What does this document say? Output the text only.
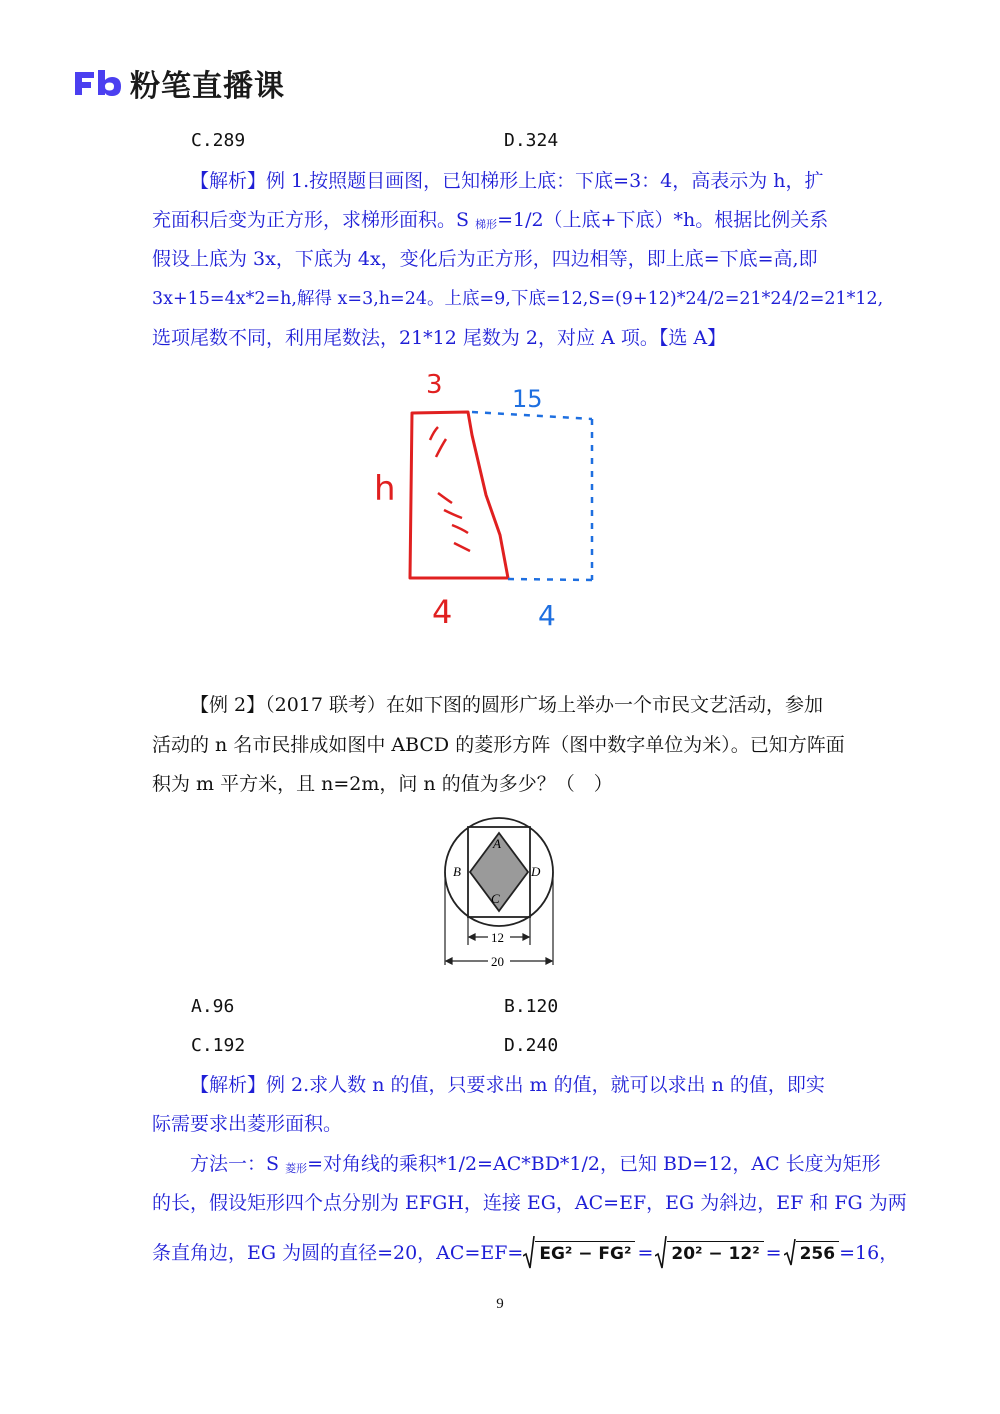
粉笔直播课
C.289	D.324
【解析】例 1.按照题目画图，已知梯形上底：下底=3：4，高表示为 h，扩
充面积后变为正方形，求梯形面积。S 梯形=1/2（上底+下底）*h。根据比例关系
假设上底为 3x，下底为 4x，变化后为正方形，四边相等，即上底=下底=高,即
3x+15=4x*2=h,解得 x=3,h=24。上底=9,下底=12,S=(9+12)*24/2=21*24/2=21*12,
选项尾数不同，利用尾数法，21*12 尾数为 2，对应 A 项。【选 A】
3	15
h
4	4
【例 2】（2017 联考）在如下图的圆形广场上举办一个市民文艺活动，参加
活动的 n 名市民排成如图中 ABCD 的菱形方阵（图中数字单位为米）。已知方阵面
积为 m 平方米，且 n=2m，问 n 的值为多少？（　）
A
B
C
D
12
20
A.96	B.120
C.192	D.240
【解析】例 2.求人数 n 的值，只要求出 m 的值，就可以求出 n 的值，即实
际需要求出菱形面积。
方法一：S 菱形=对角线的乘积*1/2=AC*BD*1/2，已知 BD=12，AC 长度为矩形
的长，假设矩形四个点分别为 EFGH，连接 EG，AC=EF，EG 为斜边，EF 和 FG 为两
条直角边，EG 为圆的直径=20，AC=EF= EG² − FG² = 20² − 12² = 256 =16，
9
